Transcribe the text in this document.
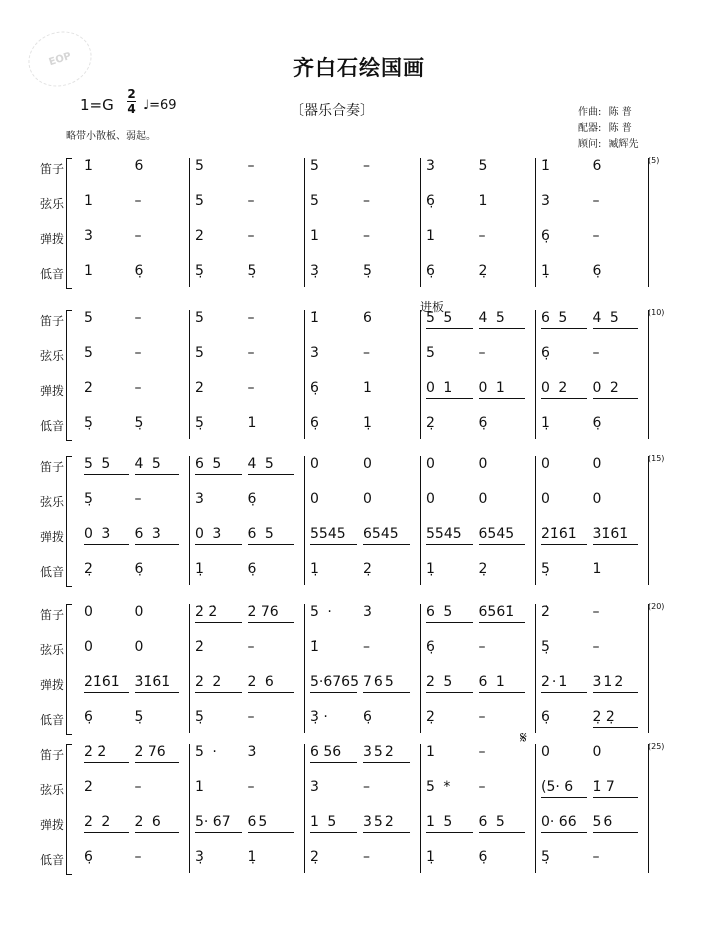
EOP	齐白石绘国画
1=G
2
4 ♩=69	〔器乐合奏〕	作曲: 陈 普
配器: 陈 普
顾问: 臧辉先
略带小散板、弱起。
进板
𝄋
笛子
弦乐
弹拨
低音
(5)
1̇	6	5	–	5	–	3	5	1̇	6
1	–	5	–	5	–	6̣	1	3	–
3	–	2	–	1	–	1	–	6̣	–
1	6̣	5̣	5̣	3̣	5̣	6̣	2̣	1̣	6̣
笛子
弦乐
弹拨
低音
(10)
5	–	5	–	1̇	6	5 5	4 5	6 5	4 5
5	–	5	–	3	–	5	–	6̣	–
2	–	2	–	6̣	1	0 1	0 1	0 2	0 2
5̣	5̣	5̣	1	6̣	1̣	2̣	6̣	1̣	6̣
笛子
弦乐
弹拨
低音
(15)
5 5	4 5	6 5	4 5	0	0	0	0	0	0
5̣	–	3	6̣	0	0	0	0	0	0
0 3	6 3	0 3	6 5	5545	6545	5545	6545	2̇1̇6̇1̇	3̇1̇6̇1̇
2̣	6̣	1̣	6̣	1̣	2̣	1̣	2̣	5̣	1
笛子
弦乐
弹拨
低音
(20)
0	0	2̇ 2̇	2̇ 76	5 ·	3	6 5	6561̇	2̇	–
0	0	2̇	–	1̇	–	6̣	–	5̣	–
2̇1̇6̇1̇	3̇1̇6̇1̇	2 2	2 6	5·6765 765	2 5	6 1	2·1	312
6̣	5̣	5̣	–	3̣ ·	6̣	2̣	–	6̣	2̣ 2̣
笛子
弦乐
弹拨
低音
(25)
2̇ 2̇	2̇ 76	5 ·	3	6 56	352	1	–	0	0
2	–	1	–	3	–	5 *	–	(5· 6	1̇ 7
2 2	2 6	5· 67	65	1 5	352	1 5	6 5	0· 66	56
6̣	–	3̣	1̣	2̣	–	1̣	6̣	5̣	–
